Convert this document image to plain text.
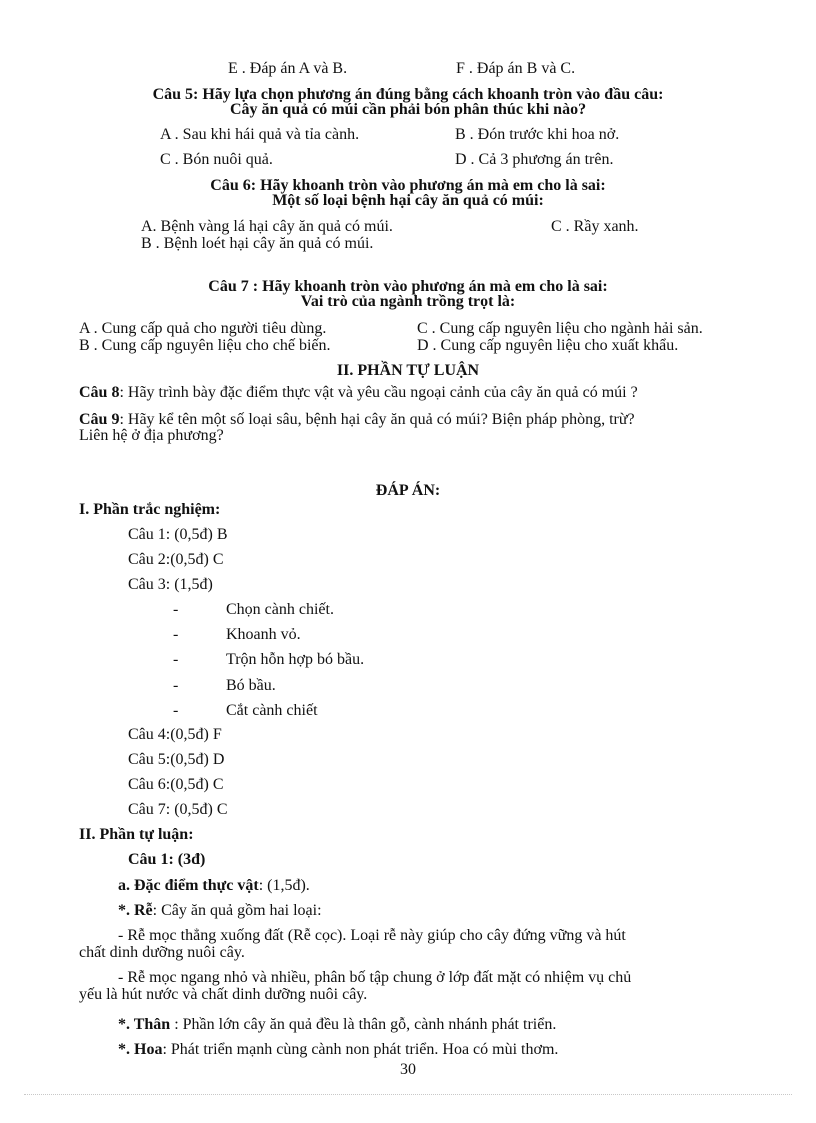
E . Đáp án A và B.	F . Đáp án B và C.
Câu 5: Hãy lựa chọn phương án đúng bằng cách khoanh tròn vào đầu câu:
Cây ăn quả có múi cần phải bón phân thúc khi nào?
A . Sau khi hái quả và tỉa cành.	B . Đón trước khi hoa nở.
C . Bón nuôi quả.	D . Cả 3 phương án trên.
Câu 6: Hãy khoanh tròn vào phương án mà em cho là sai:
Một số loại bệnh hại cây ăn quả có múi:
A. Bệnh vàng lá hại cây ăn quả có múi.	C . Rầy xanh.
B . Bệnh loét hại cây ăn quả có múi.
Câu 7 : Hãy khoanh tròn vào phương án mà em cho là sai:
Vai trò của ngành trồng trọt là:
A . Cung cấp quả cho người tiêu dùng.	C . Cung cấp nguyên liệu cho ngành hải sản.
B . Cung cấp nguyên liệu cho chế biến.	D . Cung cấp nguyên liệu cho xuất khẩu.
II. PHẦN TỰ LUẬN
Câu 8: Hãy trình bày đặc điểm thực vật và yêu cầu ngoại cảnh của cây ăn quả có múi ?
Câu 9: Hãy kể tên một số loại sâu, bệnh hại cây ăn quả có múi? Biện pháp phòng, trừ?
Liên hệ ở địa phương?
ĐÁP ÁN:
I. Phần trắc nghiệm:
Câu 1: (0,5đ) B
Câu 2:(0,5đ) C
Câu 3: (1,5đ)
-	Chọn cành chiết.
-	Khoanh vỏ.
-	Trộn hỗn hợp bó bầu.
-	Bó bầu.
-	Cắt cành chiết
Câu 4:(0,5đ) F
Câu 5:(0,5đ) D
Câu 6:(0,5đ) C
Câu 7: (0,5đ) C
II. Phần tự luận:
Câu 1: (3đ)
a. Đặc điểm thực vật: (1,5đ).
*. Rễ: Cây ăn quả gồm hai loại:
- Rễ mọc thẳng xuống đất (Rễ cọc). Loại rễ này giúp cho cây đứng vững và hút
chất dinh dưỡng nuôi cây.
- Rễ mọc ngang nhỏ và nhiều, phân bố tập chung ở lớp đất mặt có nhiệm vụ chủ
yếu là hút nước và chất dinh dưỡng nuôi cây.
*. Thân : Phần lớn cây ăn quả đều là thân gỗ, cành nhánh phát triển.
*. Hoa: Phát triển mạnh cùng cành non phát triển. Hoa có mùi thơm.
30
